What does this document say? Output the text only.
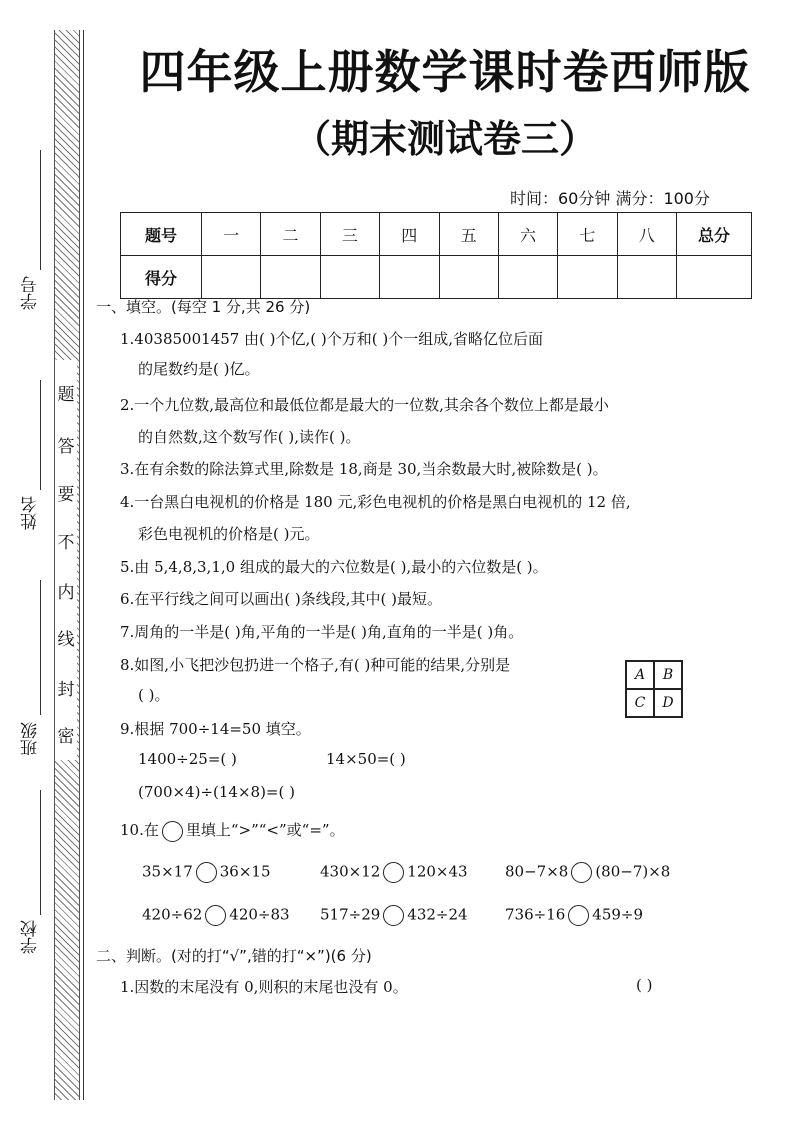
题
答
要
不
内
线
封
密
学号
姓名
班级
学校
四年级上册数学课时卷西师版
（期末测试卷三）
时间：60分钟 满分：100分
题号	一	二	三	四	五	六	七	八	总分
得分									
一、填空。(每空 1 分,共 26 分)
1.40385001457 由( )个亿,( )个万和( )个一组成,省略亿位后面
的尾数约是( )亿。
2.一个九位数,最高位和最低位都是最大的一位数,其余各个数位上都是最小
的自然数,这个数写作( ),读作( )。
3.在有余数的除法算式里,除数是 18,商是 30,当余数最大时,被除数是( )。
4.一台黑白电视机的价格是 180 元,彩色电视机的价格是黑白电视机的 12 倍,
彩色电视机的价格是( )元。
5.由 5,4,8,3,1,0 组成的最大的六位数是( ),最小的六位数是( )。
6.在平行线之间可以画出( )条线段,其中( )最短。
7.周角的一半是( )角,平角的一半是( )角,直角的一半是( )角。
8.如图,小飞把沙包扔进一个格子,有( )种可能的结果,分别是
( )。
A	B
C	D
9.根据 700÷14=50 填空。
1400÷25=( )	14×50=( )
(700×4)÷(14×8)=( )
10.在 里填上“>”“<”或“=”。
35×17 36×15	430×12 120×43 80−7×8 (80−7)×8
420÷62 420÷83 517÷29 432÷24 736÷16 459÷9
二、判断。(对的打“√”,错的打“×”)(6 分)
1.因数的末尾没有 0,则积的末尾也没有 0。	( )
